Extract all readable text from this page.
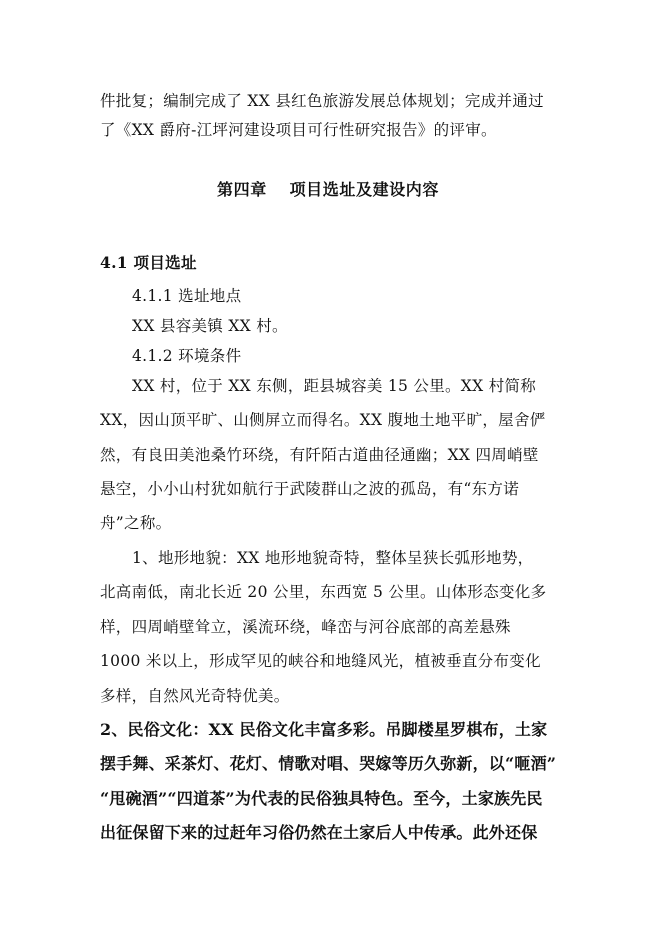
件批复；编制完成了 XX 县红色旅游发展总体规划；完成并通过
了《XX 爵府-江坪河建设项目可行性研究报告》的评审。
第四章　 项目选址及建设内容
4.1 项目选址
4.1.1 选址地点
XX 县容美镇 XX 村。
4.1.2 环境条件
XX 村，位于 XX 东侧，距县城容美 15 公里。XX 村简称
XX，因山顶平旷、山侧屏立而得名。XX 腹地土地平旷，屋舍俨
然，有良田美池桑竹环绕，有阡陌古道曲径通幽；XX 四周峭壁
悬空，小小山村犹如航行于武陵群山之波的孤岛，有“东方诺
舟”之称。
1、地形地貌：XX 地形地貌奇特，整体呈狭长弧形地势，
北高南低，南北长近 20 公里，东西宽 5 公里。山体形态变化多
样，四周峭壁耸立，溪流环绕，峰峦与河谷底部的高差悬殊
1000 米以上，形成罕见的峡谷和地缝风光，植被垂直分布变化
多样，自然风光奇特优美。
2、民俗文化：XX 民俗文化丰富多彩。吊脚楼星罗棋布，土家
摆手舞、采茶灯、花灯、情歌对唱、哭嫁等历久弥新，以“咂酒”
“甩碗酒”“四道茶”为代表的民俗独具特色。至今，土家族先民
出征保留下来的过赶年习俗仍然在土家后人中传承。此外还保
